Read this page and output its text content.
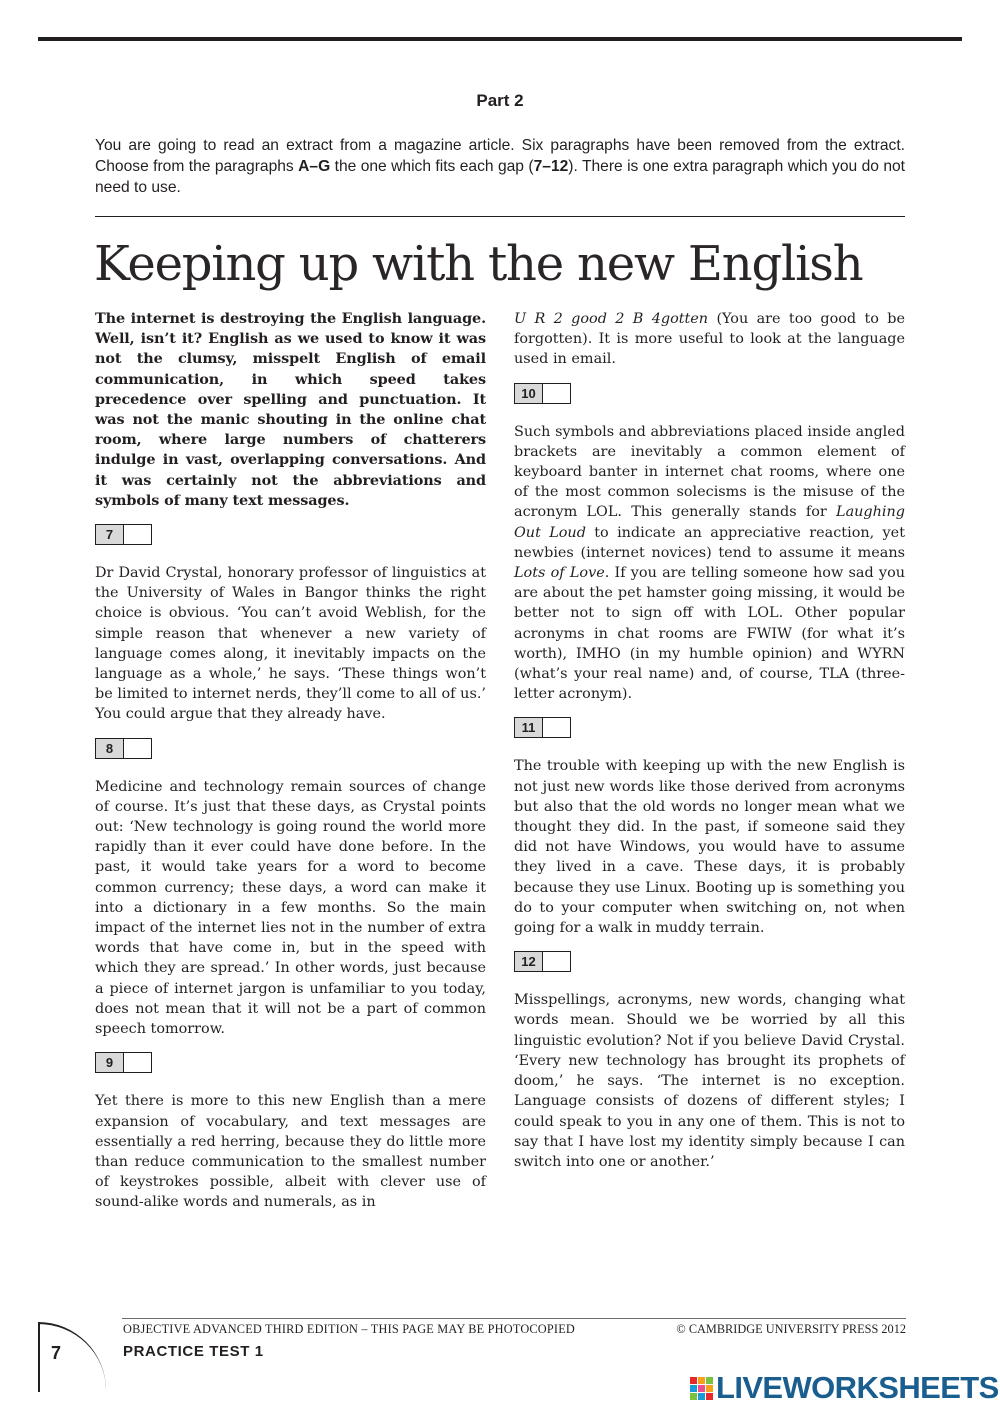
Part 2
You are going to read an extract from a magazine article. Six paragraphs have been removed from the extract. Choose from the paragraphs A–G the one which fits each gap (7–12). There is one extra paragraph which you do not need to use.
Keeping up with the new English

The internet is destroying the English language. Well, isn’t it? English as we used to know it was not the clumsy, misspelt English of email communication, in which speed takes precedence over spelling and punctuation. It was not the manic shouting in the online chat room, where large numbers of chatterers indulge in vast, overlapping conversations. And it was certainly not the abbreviations and symbols of many text messages.

7

Dr David Crystal, honorary professor of linguistics at the University of Wales in Bangor thinks the right choice is obvious. ‘You can’t avoid Weblish, for the simple reason that whenever a new variety of language comes along, it inevitably impacts on the language as a whole,’ he says. ‘These things won’t be limited to internet nerds, they’ll come to all of us.’ You could argue that they already have.

8

Medicine and technology remain sources of change of course. It’s just that these days, as Crystal points out: ‘New technology is going round the world more rapidly than it ever could have done before. In the past, it would take years for a word to become common currency; these days, a word can make it into a dictionary in a few months. So the main impact of the internet lies not in the number of extra words that have come in, but in the speed with which they are spread.’ In other words, just because a piece of internet jargon is unfamiliar to you today, does not mean that it will not be a part of common speech tomorrow.

9

Yet there is more to this new English than a mere expansion of vocabulary, and text messages are essentially a red herring, because they do little more than reduce communication to the smallest number of keystrokes possible, albeit with clever use of sound-alike words and numerals, as in

U R 2 good 2 B 4gotten (You are too good to be forgotten). It is more useful to look at the language used in email.

10

Such symbols and abbreviations placed inside angled brackets are inevitably a common element of keyboard banter in internet chat rooms, where one of the most common solecisms is the misuse of the acronym LOL. This generally stands for Laughing Out Loud to indicate an appreciative reaction, yet newbies (internet novices) tend to assume it means Lots of Love. If you are telling someone how sad you are about the pet hamster going missing, it would be better not to sign off with LOL. Other popular acronyms in chat rooms are FWIW (for what it’s worth), IMHO (in my humble opinion) and WYRN (what’s your real name) and, of course, TLA (three-letter acronym).

11

The trouble with keeping up with the new English is not just new words like those derived from acronyms but also that the old words no longer mean what we thought they did. In the past, if someone said they did not have Windows, you would have to assume they lived in a cave. These days, it is probably because they use Linux. Booting up is something you do to your computer when switching on, not when going for a walk in muddy terrain.

12

Misspellings, acronyms, new words, changing what words mean. Should we be worried by all this linguistic evolution? Not if you believe David Crystal. ‘Every new technology has brought its prophets of doom,’ he says. ‘The internet is no exception. Language consists of dozens of different styles; I could speak to you in any one of them. This is not to say that I have lost my identity simply because I can switch into one or another.’

OBJECTIVE ADVANCED THIRD EDITION – THIS PAGE MAY BE PHOTOCOPIED	© CAMBRIDGE UNIVERSITY PRESS 2012
7	PRACTICE TEST 1
LIVEWORKSHEETS
